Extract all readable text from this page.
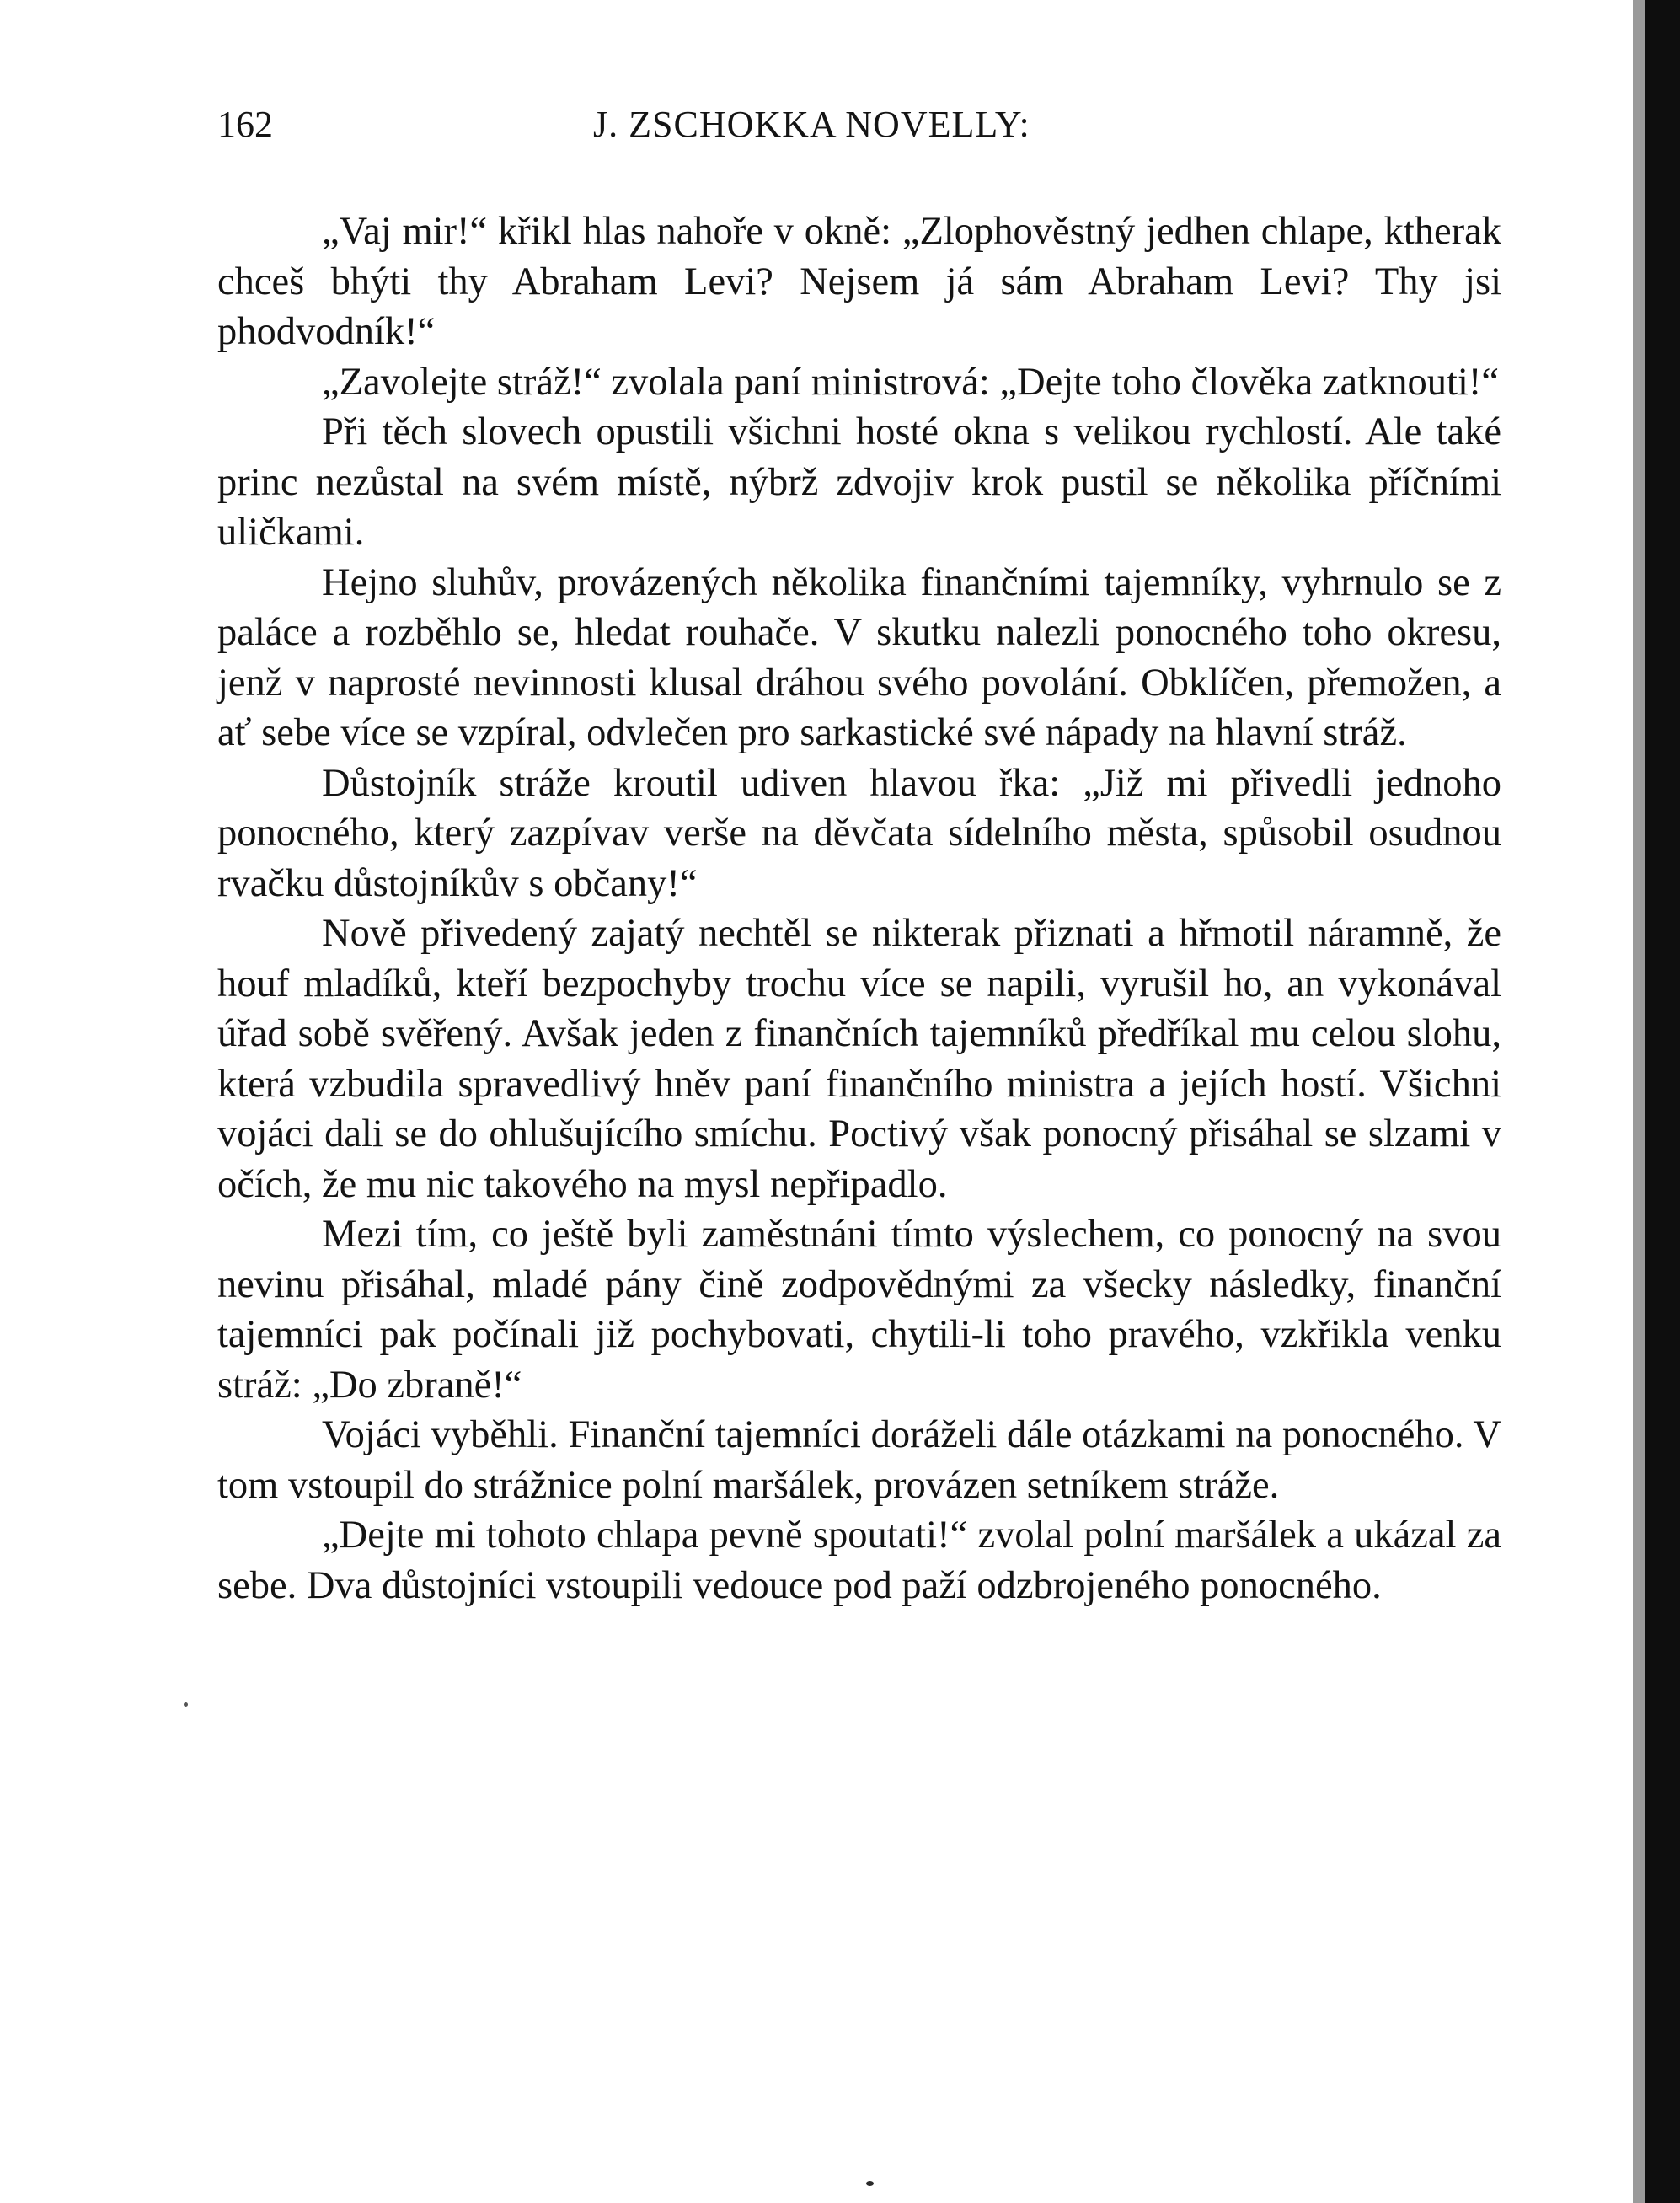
162	J. ZSCHOKKA NOVELLY:

„Vaj mir!“ křikl hlas nahoře v okně: „Zlophověstný jedhen chlape, ktherak chceš bhýti thy Abraham Levi? Nejsem já sám Abraham Levi? Thy jsi phodvodník!“

„Zavolejte stráž!“ zvolala paní ministrová: „Dejte toho člověka zatknouti!“

Při těch slovech opustili všichni hosté okna s velikou rychlostí. Ale také princ nezůstal na svém místě, nýbrž zdvojiv krok pustil se několika příčními uličkami.

Hejno sluhův, provázených několika finančními tajemníky, vyhrnulo se z paláce a rozběhlo se, hledat rouhače. V skutku nalezli ponocného toho okresu, jenž v naprosté nevinnosti klusal dráhou svého povolání. Obklíčen, přemožen, a ať sebe více se vzpíral, odvlečen pro sarkastické své nápady na hlavní stráž.

Důstojník stráže kroutil udiven hlavou řka: „Již mi přivedli jednoho ponocného, který zazpívav verše na děvčata sídelního města, spůsobil osudnou rvačku důstojníkův s občany!“

Nově přivedený zajatý nechtěl se nikterak přiznati a hřmotil náramně, že houf mladíků, kteří bezpochyby trochu více se napili, vyrušil ho, an vykonával úřad sobě svěřený. Avšak jeden z finančních tajemníků předříkal mu celou slohu, která vzbudila spravedlivý hněv paní finančního ministra a jejích hostí. Všichni vojáci dali se do ohlušujícího smíchu. Poctivý však ponocný přisáhal se slzami v očích, že mu nic takového na mysl nepřipadlo.

Mezi tím, co ještě byli zaměstnáni tímto výslechem, co ponocný na svou nevinu přisáhal, mladé pány čině zodpovědnými za všecky následky, finanční tajemníci pak počínali již pochybovati, chytili-li toho pravého, vzkřikla venku stráž: „Do zbraně!“

Vojáci vyběhli. Finanční tajemníci doráželi dále otázkami na ponocného. V tom vstoupil do strážnice polní maršálek, provázen setníkem stráže.

„Dejte mi tohoto chlapa pevně spoutati!“ zvolal polní maršálek a ukázal za sebe. Dva důstojníci vstoupili vedouce pod paží odzbrojeného ponocného.
